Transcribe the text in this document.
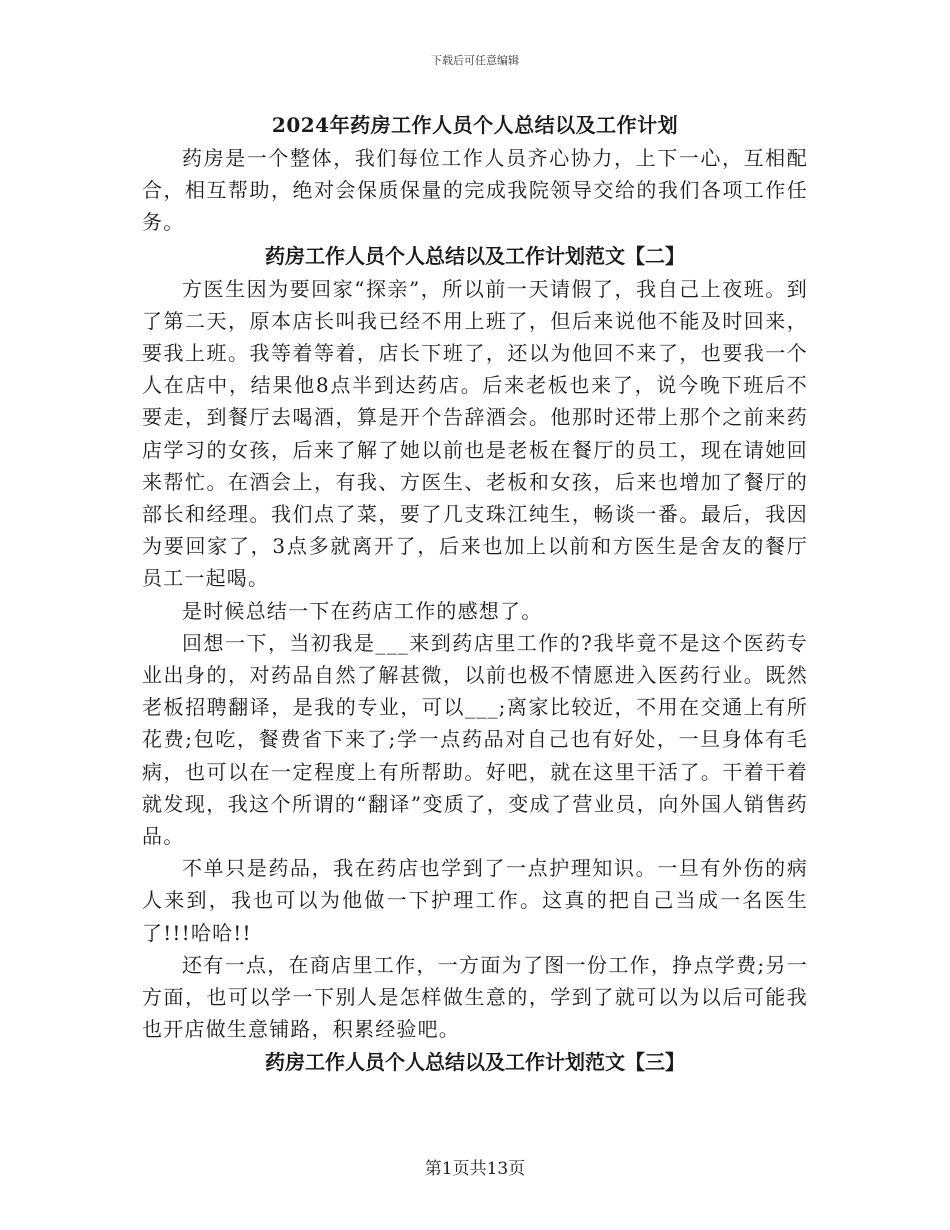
下载后可任意编辑
2024年药房工作人员个人总结以及工作计划

药房是一个整体，我们每位工作人员齐心协力，上下一心，互相配合，相互帮助，绝对会保质保量的完成我院领导交给的我们各项工作任务。

药房工作人员个人总结以及工作计划范文【二】

方医生因为要回家“探亲”，所以前一天请假了，我自己上夜班。到了第二天，原本店长叫我已经不用上班了，但后来说他不能及时回来，要我上班。我等着等着，店长下班了，还以为他回不来了，也要我一个人在店中，结果他8点半到达药店。后来老板也来了，说今晚下班后不要走，到餐厅去喝酒，算是开个告辞酒会。他那时还带上那个之前来药店学习的女孩，后来了解了她以前也是老板在餐厅的员工，现在请她回来帮忙。在酒会上，有我、方医生、老板和女孩，后来也增加了餐厅的部长和经理。我们点了菜，要了几支珠江纯生，畅谈一番。最后，我因为要回家了，3点多就离开了，后来也加上以前和方医生是舍友的餐厅员工一起喝。

是时候总结一下在药店工作的感想了。

回想一下，当初我是___来到药店里工作的?我毕竟不是这个医药专业出身的，对药品自然了解甚微，以前也极不情愿进入医药行业。既然老板招聘翻译，是我的专业，可以___;离家比较近，不用在交通上有所花费;包吃，餐费省下来了;学一点药品对自己也有好处，一旦身体有毛病，也可以在一定程度上有所帮助。好吧，就在这里干活了。干着干着就发现，我这个所谓的“翻译”变质了，变成了营业员，向外国人销售药品。

不单只是药品，我在药店也学到了一点护理知识。一旦有外伤的病人来到，我也可以为他做一下护理工作。这真的把自己当成一名医生了!!!哈哈!!

还有一点，在商店里工作，一方面为了图一份工作，挣点学费;另一方面，也可以学一下别人是怎样做生意的，学到了就可以为以后可能我也开店做生意铺路，积累经验吧。

药房工作人员个人总结以及工作计划范文【三】
第1页共13页
